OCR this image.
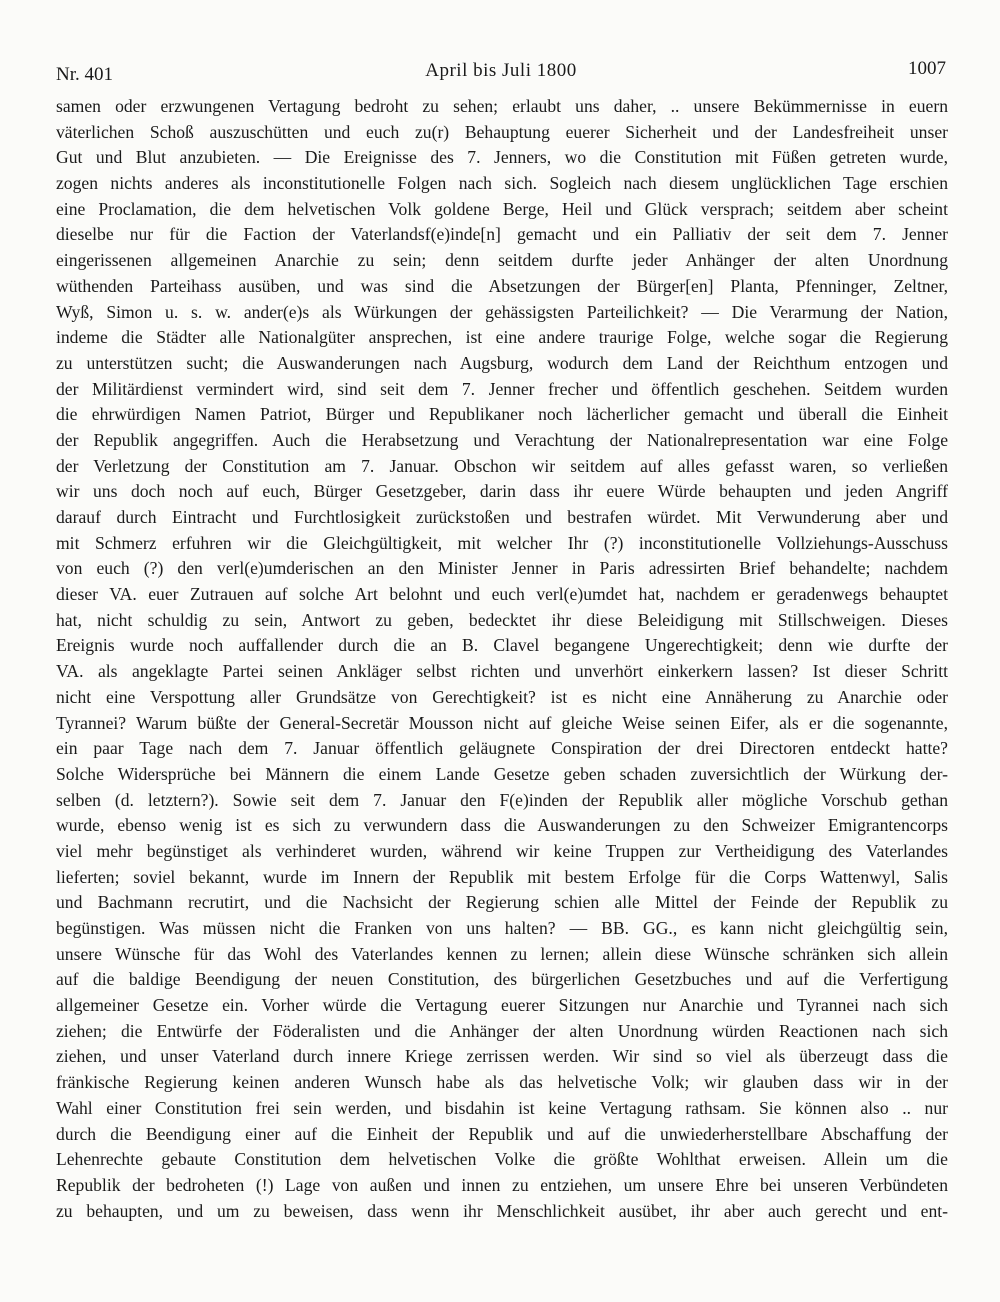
Nr. 401	April bis Juli 1800	1007
samen oder erzwungenen Vertagung bedroht zu sehen; erlaubt uns daher, .. unsere Bekümmernisse in euern
väterlichen Schoß auszuschütten und euch zu(r) Behauptung euerer Sicherheit und der Landesfreiheit unser
Gut und Blut anzubieten. — Die Ereignisse des 7. Jenners, wo die Constitution mit Füßen getreten wurde,
zogen nichts anderes als inconstitutionelle Folgen nach sich. Sogleich nach diesem unglücklichen Tage erschien
eine Proclamation, die dem helvetischen Volk goldene Berge, Heil und Glück versprach; seitdem aber scheint
dieselbe nur für die Faction der Vaterlandsf(e)inde[n] gemacht und ein Palliativ der seit dem 7. Jenner
eingerissenen allgemeinen Anarchie zu sein; denn seitdem durfte jeder Anhänger der alten Unordnung
wüthenden Parteihass ausüben, und was sind die Absetzungen der Bürger[en] Planta, Pfenninger, Zeltner,
Wyß, Simon u. s. w. ander(e)s als Würkungen der gehässigsten Parteilichkeit? — Die Verarmung der Nation,
indeme die Städter alle Nationalgüter ansprechen, ist eine andere traurige Folge, welche sogar die Regierung
zu unterstützen sucht; die Auswanderungen nach Augsburg, wodurch dem Land der Reichthum entzogen und
der Militärdienst vermindert wird, sind seit dem 7. Jenner frecher und öffentlich geschehen. Seitdem wurden
die ehrwürdigen Namen Patriot, Bürger und Republikaner noch lächerlicher gemacht und überall die Einheit
der Republik angegriffen. Auch die Herabsetzung und Verachtung der Nationalrepresentation war eine Folge
der Verletzung der Constitution am 7. Januar. Obschon wir seitdem auf alles gefasst waren, so verließen
wir uns doch noch auf euch, Bürger Gesetzgeber, darin dass ihr euere Würde behaupten und jeden Angriff
darauf durch Eintracht und Furchtlosigkeit zurückstoßen und bestrafen würdet. Mit Verwunderung aber und
mit Schmerz erfuhren wir die Gleichgültigkeit, mit welcher Ihr (?) inconstitutionelle Vollziehungs-Ausschuss
von euch (?) den verl(e)umderischen an den Minister Jenner in Paris adressirten Brief behandelte; nachdem
dieser VA. euer Zutrauen auf solche Art belohnt und euch verl(e)umdet hat, nachdem er geradenwegs behauptet
hat, nicht schuldig zu sein, Antwort zu geben, bedecktet ihr diese Beleidigung mit Stillschweigen. Dieses
Ereignis wurde noch auffallender durch die an B. Clavel begangene Ungerechtigkeit; denn wie durfte der
VA. als angeklagte Partei seinen Ankläger selbst richten und unverhört einkerkern lassen? Ist dieser Schritt
nicht eine Verspottung aller Grundsätze von Gerechtigkeit? ist es nicht eine Annäherung zu Anarchie oder
Tyrannei? Warum büßte der General-Secretär Mousson nicht auf gleiche Weise seinen Eifer, als er die sogenannte,
ein paar Tage nach dem 7. Januar öffentlich geläugnete Conspiration der drei Directoren entdeckt hatte?
Solche Widersprüche bei Männern die einem Lande Gesetze geben schaden zuversichtlich der Würkung der-
selben (d. letztern?). Sowie seit dem 7. Januar den F(e)inden der Republik aller mögliche Vorschub gethan
wurde, ebenso wenig ist es sich zu verwundern dass die Auswanderungen zu den Schweizer Emigrantencorps
viel mehr begünstiget als verhinderet wurden, während wir keine Truppen zur Vertheidigung des Vaterlandes
lieferten; soviel bekannt, wurde im Innern der Republik mit bestem Erfolge für die Corps Wattenwyl, Salis
und Bachmann recrutirt, und die Nachsicht der Regierung schien alle Mittel der Feinde der Republik zu
begünstigen. Was müssen nicht die Franken von uns halten? — BB. GG., es kann nicht gleichgültig sein,
unsere Wünsche für das Wohl des Vaterlandes kennen zu lernen; allein diese Wünsche schränken sich allein
auf die baldige Beendigung der neuen Constitution, des bürgerlichen Gesetzbuches und auf die Verfertigung
allgemeiner Gesetze ein. Vorher würde die Vertagung euerer Sitzungen nur Anarchie und Tyrannei nach sich
ziehen; die Entwürfe der Föderalisten und die Anhänger der alten Unordnung würden Reactionen nach sich
ziehen, und unser Vaterland durch innere Kriege zerrissen werden. Wir sind so viel als überzeugt dass die
fränkische Regierung keinen anderen Wunsch habe als das helvetische Volk; wir glauben dass wir in der
Wahl einer Constitution frei sein werden, und bisdahin ist keine Vertagung rathsam. Sie können also .. nur
durch die Beendigung einer auf die Einheit der Republik und auf die unwiederherstellbare Abschaffung der
Lehenrechte gebaute Constitution dem helvetischen Volke die größte Wohlthat erweisen. Allein um die
Republik der bedroheten (!) Lage von außen und innen zu entziehen, um unsere Ehre bei unseren Verbündeten
zu behaupten, und um zu beweisen, dass wenn ihr Menschlichkeit ausübet, ihr aber auch gerecht und ent-
